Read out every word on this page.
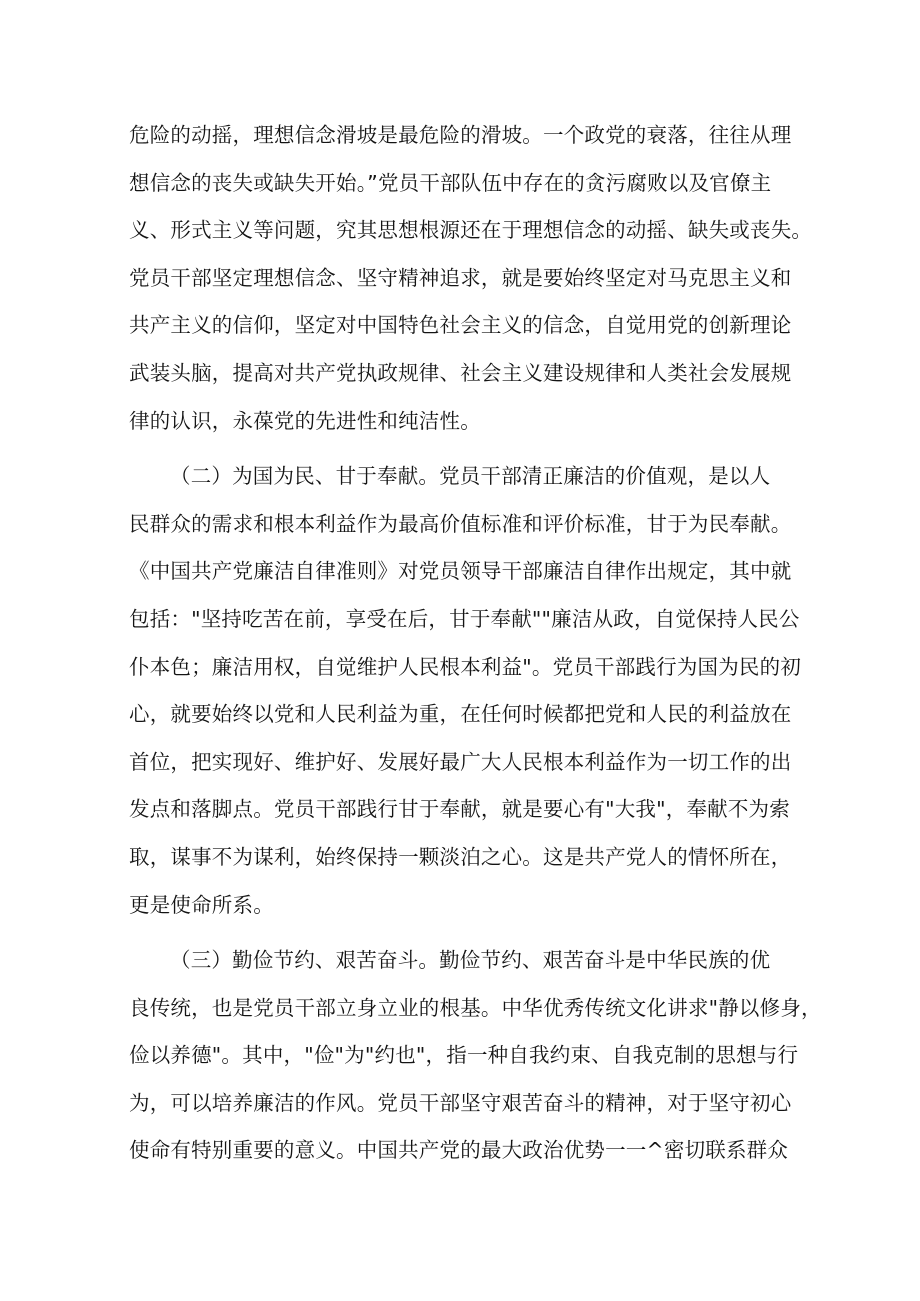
危险的动摇，理想信念滑坡是最危险的滑坡。一个政党的衰落，往往从理
想信念的丧失或缺失开始。”党员干部队伍中存在的贪污腐败以及官僚主
义、形式主义等问题，究其思想根源还在于理想信念的动摇、缺失或丧失。
党员干部坚定理想信念、坚守精神追求，就是要始终坚定对马克思主义和
共产主义的信仰，坚定对中国特色社会主义的信念，自觉用党的创新理论
武装头脑，提高对共产党执政规律、社会主义建设规律和人类社会发展规
律的认识，永葆党的先进性和纯洁性。
（二）为国为民、甘于奉献。党员干部清正廉洁的价值观，是以人
民群众的需求和根本利益作为最高价值标准和评价标准，甘于为民奉献。
《中国共产党廉洁自律准则》对党员领导干部廉洁自律作出规定，其中就
包括："坚持吃苦在前，享受在后，甘于奉献""廉洁从政，自觉保持人民公
仆本色；廉洁用权，自觉维护人民根本利益"。党员干部践行为国为民的初
心，就要始终以党和人民利益为重，在任何时候都把党和人民的利益放在
首位，把实现好、维护好、发展好最广大人民根本利益作为一切工作的出
发点和落脚点。党员干部践行甘于奉献，就是要心有"大我"，奉献不为索
取，谋事不为谋利，始终保持一颗淡泊之心。这是共产党人的情怀所在，
更是使命所系。
（三）勤俭节约、艰苦奋斗。勤俭节约、艰苦奋斗是中华民族的优
良传统，也是党员干部立身立业的根基。中华优秀传统文化讲求"静以修身，
俭以养德"。其中，"俭"为"约也"，指一种自我约束、自我克制的思想与行
为，可以培养廉洁的作风。党员干部坚守艰苦奋斗的精神，对于坚守初心
使命有特别重要的意义。中国共产党的最大政治优势一一^密切联系群众
